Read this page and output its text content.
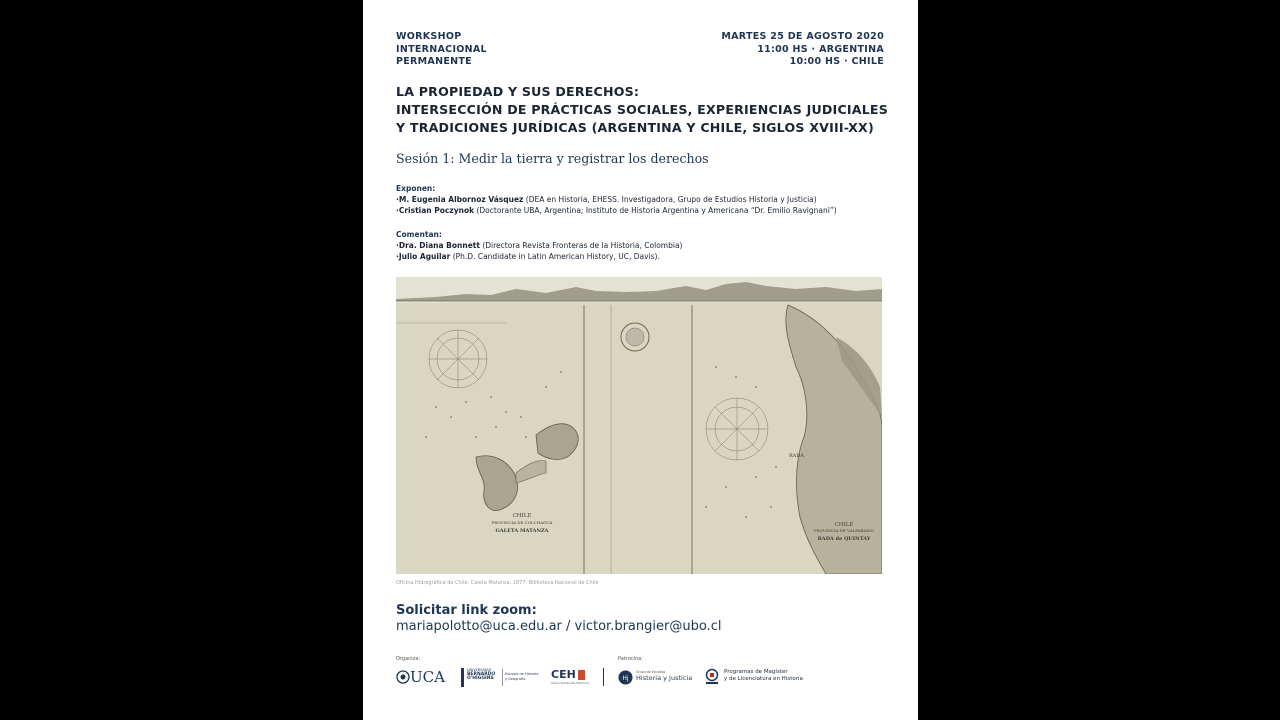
WORKSHOP
INTERNACIONAL
PERMANENTE
MARTES 25 DE AGOSTO 2020
11:00 HS · ARGENTINA
10:00 HS · CHILE
LA PROPIEDAD Y SUS DERECHOS:
INTERSECCIÓN DE PRÁCTICAS SOCIALES, EXPERIENCIAS JUDICIALES
Y TRADICIONES JURÍDICAS (ARGENTINA Y CHILE, SIGLOS XVIII-XX)
Sesión 1: Medir la tierra y registrar los derechos
Exponen:
·M. Eugenia Albornoz Vásquez (DEA en Historia, EHESS. Investigadora, Grupo de Estudios Historia y Justicia)
·Cristian Poczynok (Doctorante UBA, Argentina; Instituto de Historia Argentina y Americana “Dr. Emilio Ravignani”)
Comentan:
·Dra. Diana Bonnett (Directora Revista Fronteras de la Historia, Colombia)
·Julio Aguilar (Ph.D. Candidate in Latin American History, UC, Davis).
CHILE
PROVINCIA DE COLCHAGUA
GALETA MATANZA
CHILE
PROVINCIA DE VALPARAISO
RADA de QUINTAY
RADA
Oficina Hidrográfica de Chile. Caleta Matanza. 1877. Biblioteca Nacional de Chile
Solicitar link zoom:
mariapolotto@uca.edu.ar / victor.brangier@ubo.cl
Organiza:	Patrocina:
UCA	UNIVERSIDAD
BERNARDO
O'HIGGINS
Escuela de Historia
y Geografía	CEH
Centro de Estudios Históricos
Hj
Grupo de Estudios
Historia y Justicia
Programas de Magíster
y de Licenciatura en Historia
